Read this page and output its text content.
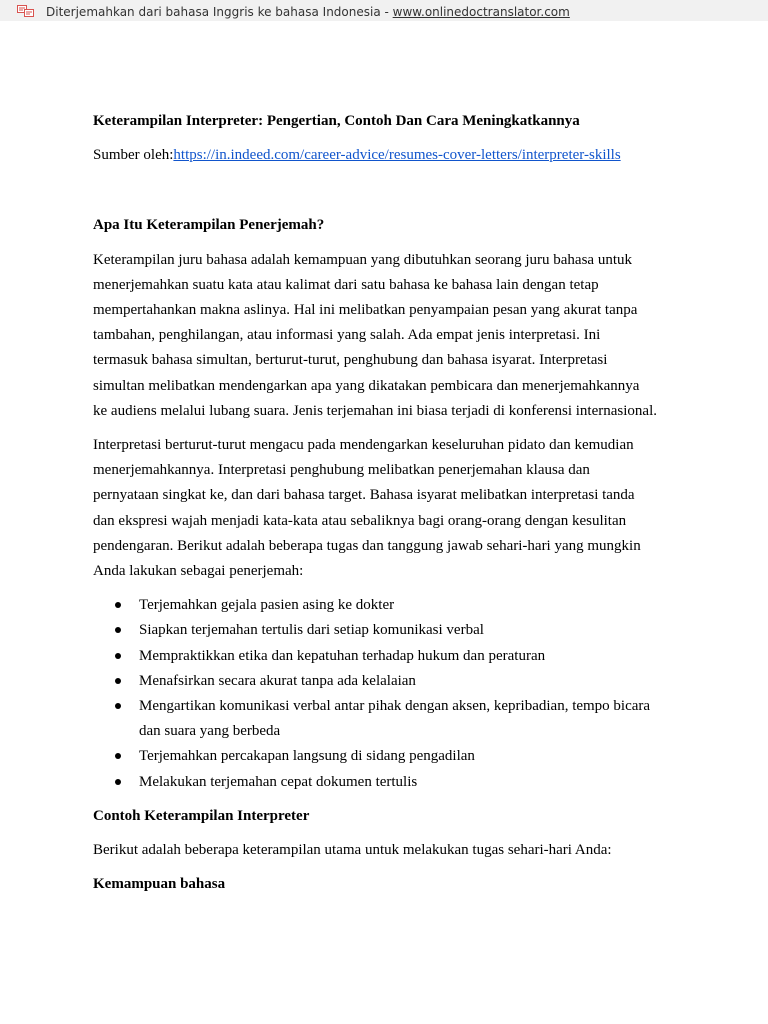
Diterjemahkan dari bahasa Inggris ke bahasa Indonesia - www.onlinedoctranslator.com

Keterampilan Interpreter: Pengertian, Contoh Dan Cara Meningkatkannya

Sumber oleh:https://in.indeed.com/career-advice/resumes-cover-letters/interpreter-skills

Apa Itu Keterampilan Penerjemah?

Keterampilan juru bahasa adalah kemampuan yang dibutuhkan seorang juru bahasa untuk
menerjemahkan suatu kata atau kalimat dari satu bahasa ke bahasa lain dengan tetap
mempertahankan makna aslinya. Hal ini melibatkan penyampaian pesan yang akurat tanpa
tambahan, penghilangan, atau informasi yang salah. Ada empat jenis interpretasi. Ini
termasuk bahasa simultan, berturut-turut, penghubung dan bahasa isyarat. Interpretasi
simultan melibatkan mendengarkan apa yang dikatakan pembicara dan menerjemahkannya
ke audiens melalui lubang suara. Jenis terjemahan ini biasa terjadi di konferensi internasional.

Interpretasi berturut-turut mengacu pada mendengarkan keseluruhan pidato dan kemudian
menerjemahkannya. Interpretasi penghubung melibatkan penerjemahan klausa dan
pernyataan singkat ke, dan dari bahasa target. Bahasa isyarat melibatkan interpretasi tanda
dan ekspresi wajah menjadi kata-kata atau sebaliknya bagi orang-orang dengan kesulitan
pendengaran. Berikut adalah beberapa tugas dan tanggung jawab sehari-hari yang mungkin
Anda lakukan sebagai penerjemah:

Terjemahkan gejala pasien asing ke dokter
Siapkan terjemahan tertulis dari setiap komunikasi verbal
Mempraktikkan etika dan kepatuhan terhadap hukum dan peraturan
Menafsirkan secara akurat tanpa ada kelalaian
Mengartikan komunikasi verbal antar pihak dengan aksen, kepribadian, tempo bicara
dan suara yang berbeda
Terjemahkan percakapan langsung di sidang pengadilan
Melakukan terjemahan cepat dokumen tertulis

Contoh Keterampilan Interpreter

Berikut adalah beberapa keterampilan utama untuk melakukan tugas sehari-hari Anda:

Kemampuan bahasa
